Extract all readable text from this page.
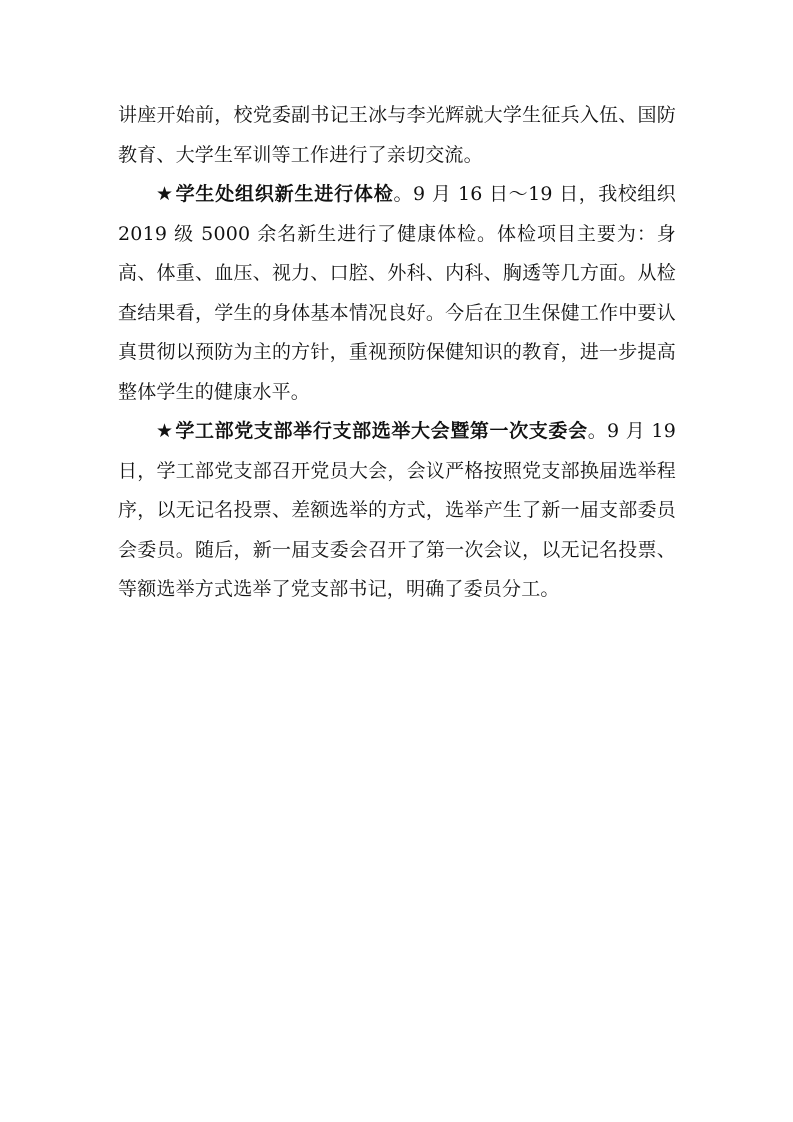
讲座开始前，校党委副书记王冰与李光辉就大学生征兵入伍、国防教育、大学生军训等工作进行了亲切交流。

★ 学生处组织新生进行体检。9 月 16 日～19 日，我校组织 2019 级 5000 余名新生进行了健康体检。体检项目主要为：身高、体重、血压、视力、口腔、外科、内科、胸透等几方面。从检查结果看，学生的身体基本情况良好。今后在卫生保健工作中要认真贯彻以预防为主的方针，重视预防保健知识的教育，进一步提高整体学生的健康水平。

★ 学工部党支部举行支部选举大会暨第一次支委会。9 月 19 日，学工部党支部召开党员大会，会议严格按照党支部换届选举程序，以无记名投票、差额选举的方式，选举产生了新一届支部委员会委员。随后，新一届支委会召开了第一次会议，以无记名投票、等额选举方式选举了党支部书记，明确了委员分工。
